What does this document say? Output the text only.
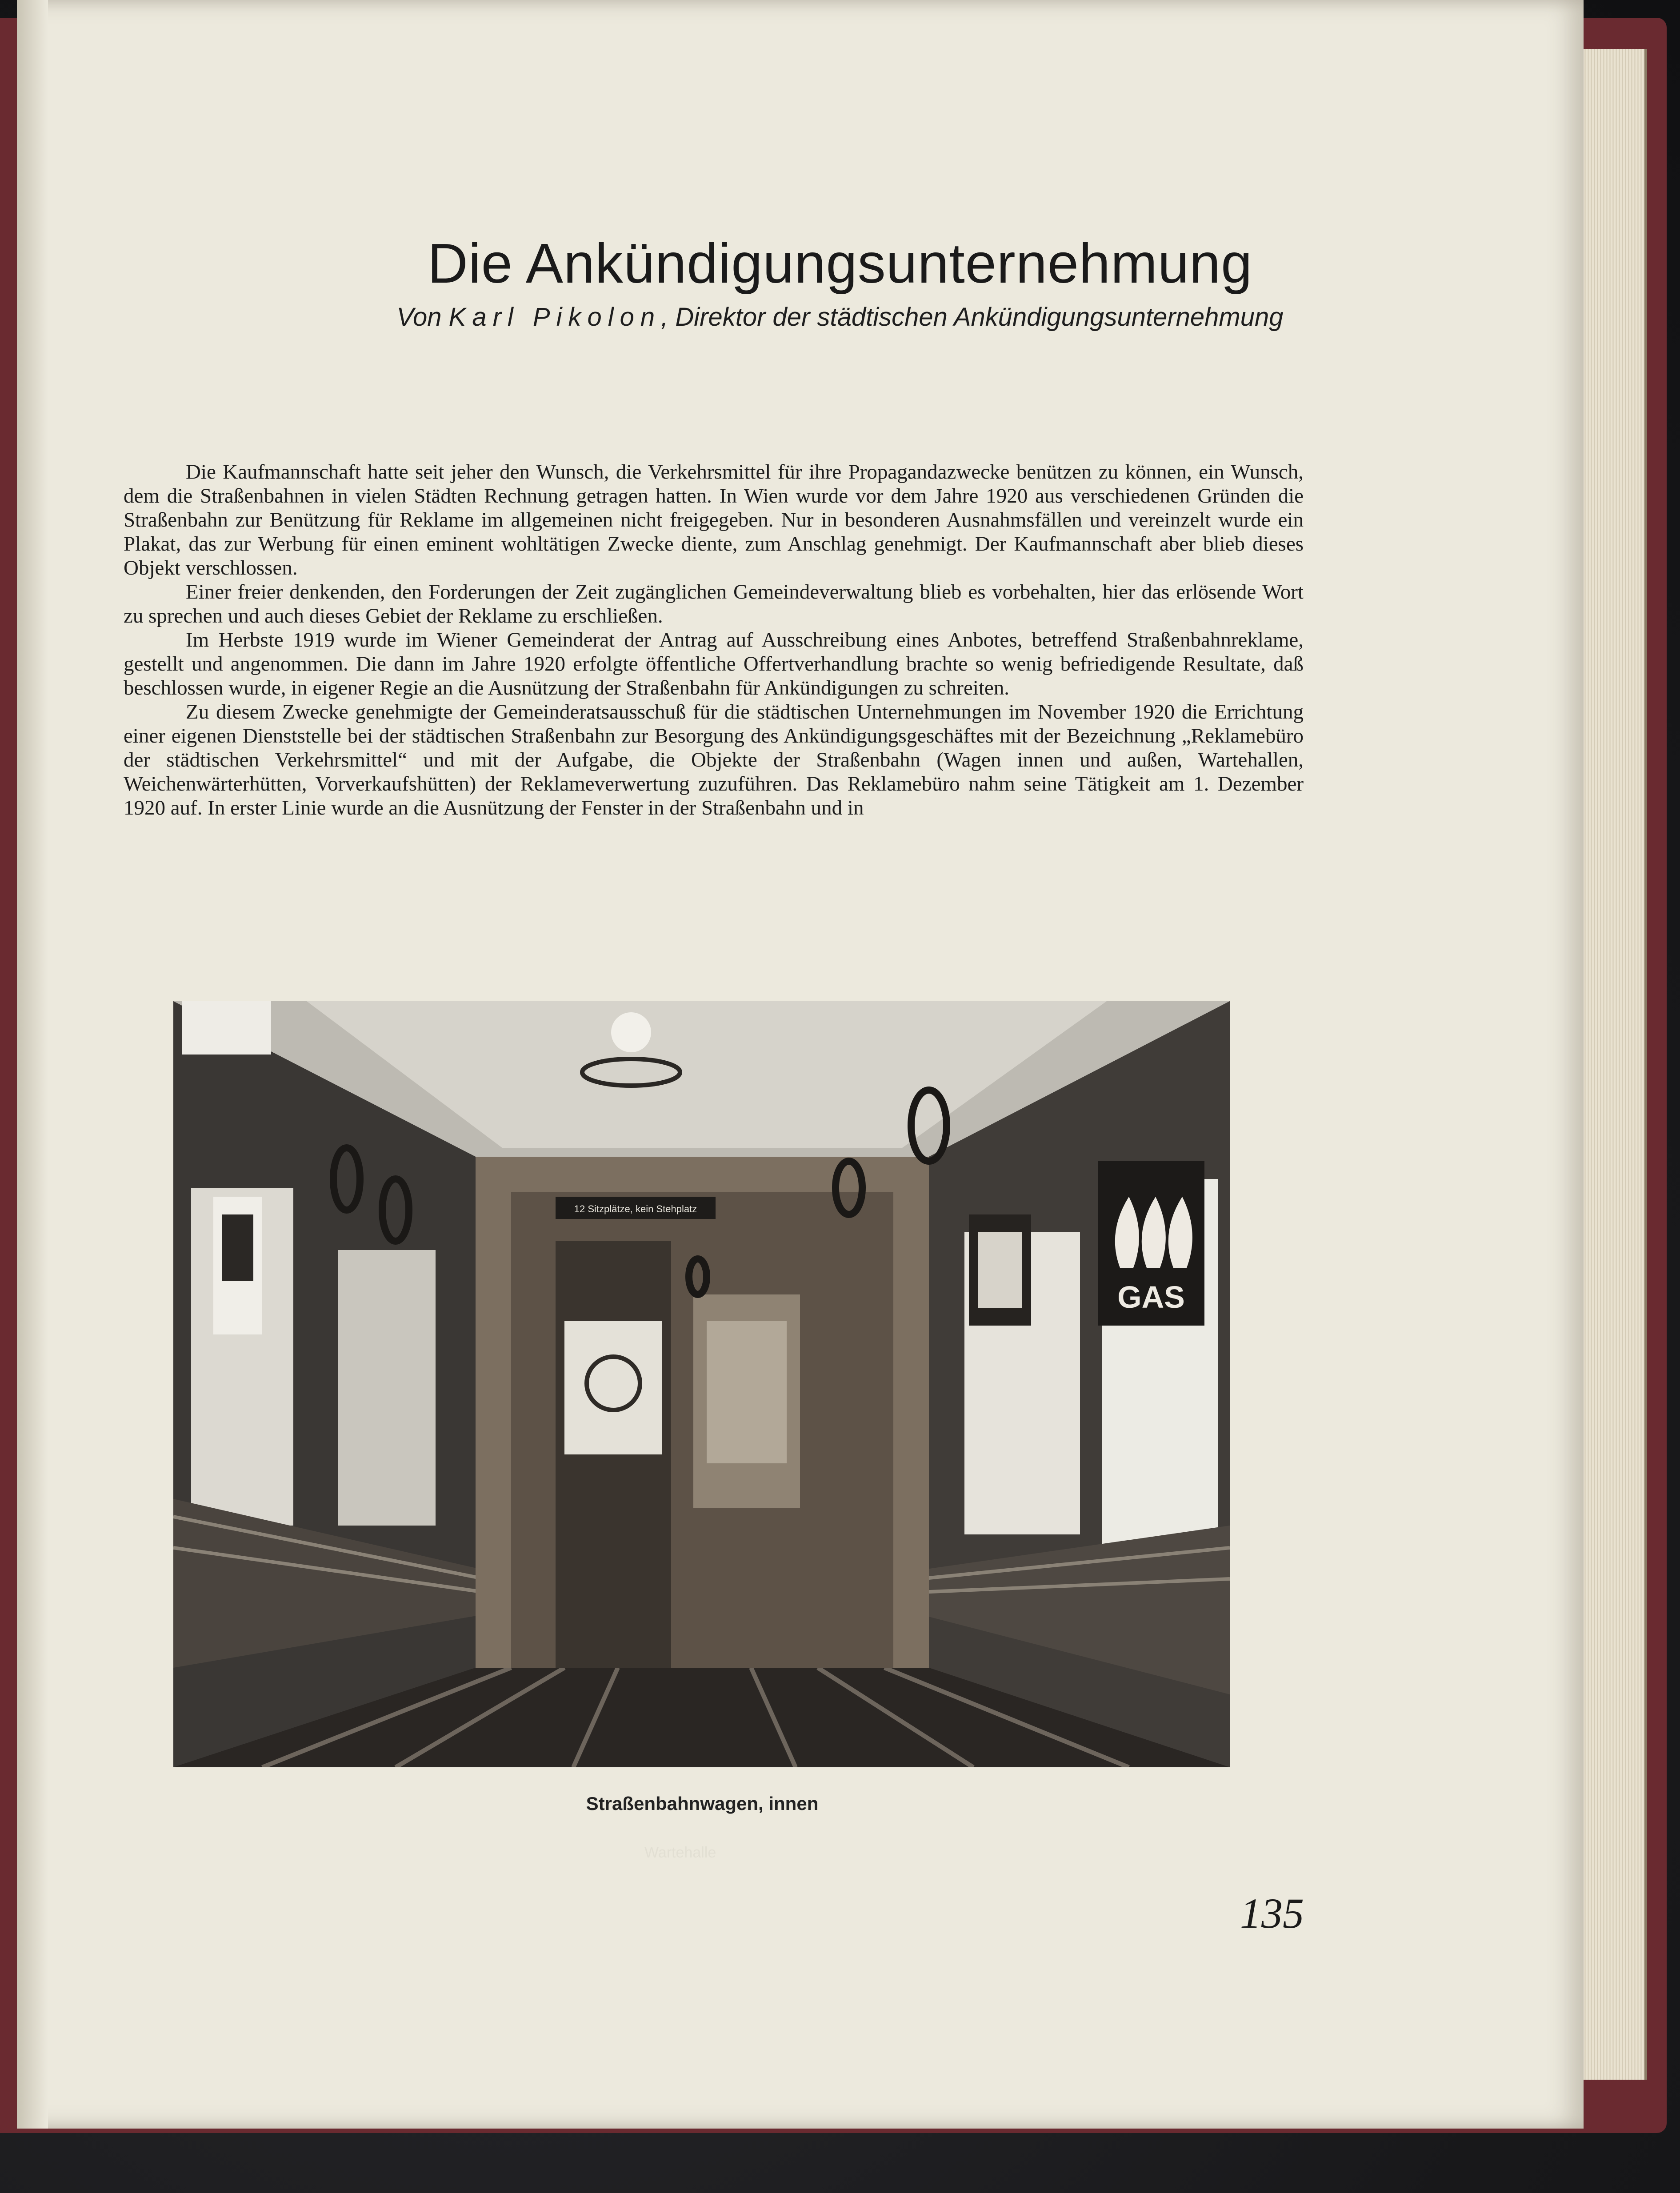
Die Ankündigungsunternehmung

Von Karl Pikolon, Direktor der städtischen Ankündigungsunternehmung

Die Kaufmannschaft hatte seit jeher den Wunsch, die Verkehrsmittel für ihre Propagandazwecke benützen zu können, ein Wunsch, dem die Straßenbahnen in vielen Städten Rechnung getragen hatten. In Wien wurde vor dem Jahre 1920 aus verschiedenen Gründen die Straßenbahn zur Benützung für Reklame im allgemeinen nicht freigegeben. Nur in besonderen Ausnahmsfällen und vereinzelt wurde ein Plakat, das zur Werbung für einen eminent wohltätigen Zwecke diente, zum Anschlag genehmigt. Der Kaufmannschaft aber blieb dieses Objekt verschlossen.

Einer freier denkenden, den Forderungen der Zeit zugänglichen Gemeindeverwaltung blieb es vorbehalten, hier das erlösende Wort zu sprechen und auch dieses Gebiet der Reklame zu erschließen.

Im Herbste 1919 wurde im Wiener Gemeinderat der Antrag auf Ausschreibung eines Anbotes, betreffend Straßenbahnreklame, gestellt und angenommen. Die dann im Jahre 1920 erfolgte öffentliche Offertverhandlung brachte so wenig befriedigende Resultate, daß beschlossen wurde, in eigener Regie an die Ausnützung der Straßenbahn für Ankündigungen zu schreiten.

Zu diesem Zwecke genehmigte der Gemeinderatsausschuß für die städtischen Unternehmungen im November 1920 die Errichtung einer eigenen Dienststelle bei der städtischen Straßenbahn zur Besorgung des Ankündigungsgeschäftes mit der Bezeichnung „Reklamebüro der städtischen Verkehrsmittel“ und mit der Aufgabe, die Objekte der Straßenbahn (Wagen innen und außen, Wartehallen, Weichenwärterhütten, Vorverkaufshütten) der Reklameverwertung zuzuführen. Das Reklamebüro nahm seine Tätigkeit am 1. Dezember 1920 auf. In erster Linie wurde an die Ausnützung der Fenster in der Straßenbahn und in

GAS
12 Sitzplätze, kein Stehplatz

Straßenbahnwagen, innen

Wartehalle

135
